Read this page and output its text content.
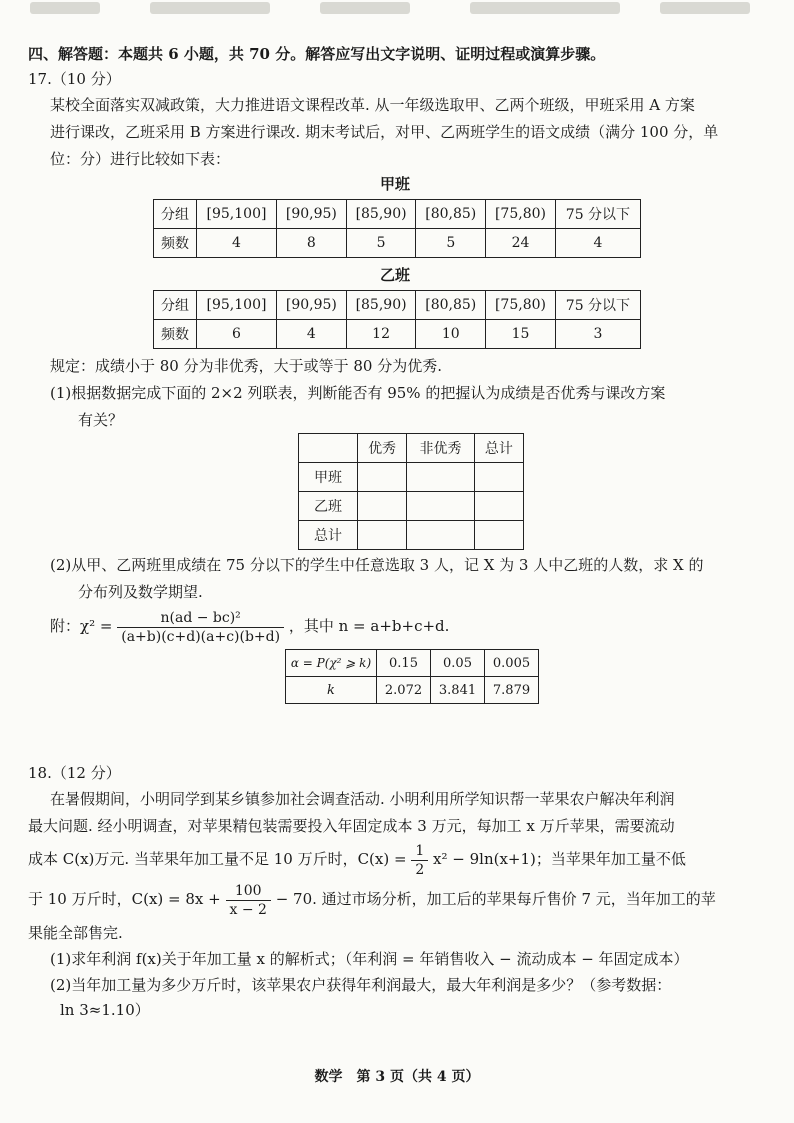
四、解答题：本题共 6 小题，共 70 分。解答应写出文字说明、证明过程或演算步骤。
17.（10 分）
某校全面落实双减政策，大力推进语文课程改革. 从一年级选取甲、乙两个班级，甲班采用 A 方案
进行课改，乙班采用 B 方案进行课改. 期末考试后，对甲、乙两班学生的语文成绩（满分 100 分，单
位：分）进行比较如下表：
甲班
分组	[95,100]	[90,95)	[85,90)	[80,85)	[75,80)	75 分以下
频数	4	8	5	5	24	4
乙班
分组	[95,100]	[90,95)	[85,90)	[80,85)	[75,80)	75 分以下
频数	6	4	12	10	15	3
规定：成绩小于 80 分为非优秀，大于或等于 80 分为优秀.
(1)根据数据完成下面的 2×2 列联表，判断能否有 95% 的把握认为成绩是否优秀与课改方案
有关？
	优秀	非优秀	总计
甲班			
乙班			
总计			
(2)从甲、乙两班里成绩在 75 分以下的学生中任意选取 3 人，记 X 为 3 人中乙班的人数，求 X 的
分布列及数学期望.
附：$\chi^2 = \frac{\text{n(ad − bc)²}}{(a+b)(c+d)(a+c)(b+d)}$ ，其中 n = a+b+c+d.
α = P(χ² ⩾ k)	0.15	0.05	0.005
k	2.072	3.841	7.879
18.（12 分）
在暑假期间，小明同学到某乡镇参加社会调查活动. 小明利用所学知识帮一苹果农户解决年利润
最大问题. 经小明调查，对苹果精包装需要投入年固定成本 3 万元，每加工 x 万斤苹果，需要流动
成本 C(x)万元. 当苹果年加工量不足 10 万斤时，$C(x) = \frac{1}{2} x^2 - 9\ln(x+1)$；当苹果年加工量不低
于 10 万斤时，$C(x) = 8x + \frac{100}{x - 2} - 70$. 通过市场分析，加工后的苹果每斤售价 7 元，当年加工的苹
果能全部售完.
(1)求年利润 f(x)关于年加工量 x 的解析式；（年利润 = 年销售收入 − 流动成本 − 年固定成本）
(2)当年加工量为多少万斤时，该苹果农户获得年利润最大，最大年利润是多少？（参考数据：
ln 3≈1.10）
数学　第 3 页（共 4 页）
